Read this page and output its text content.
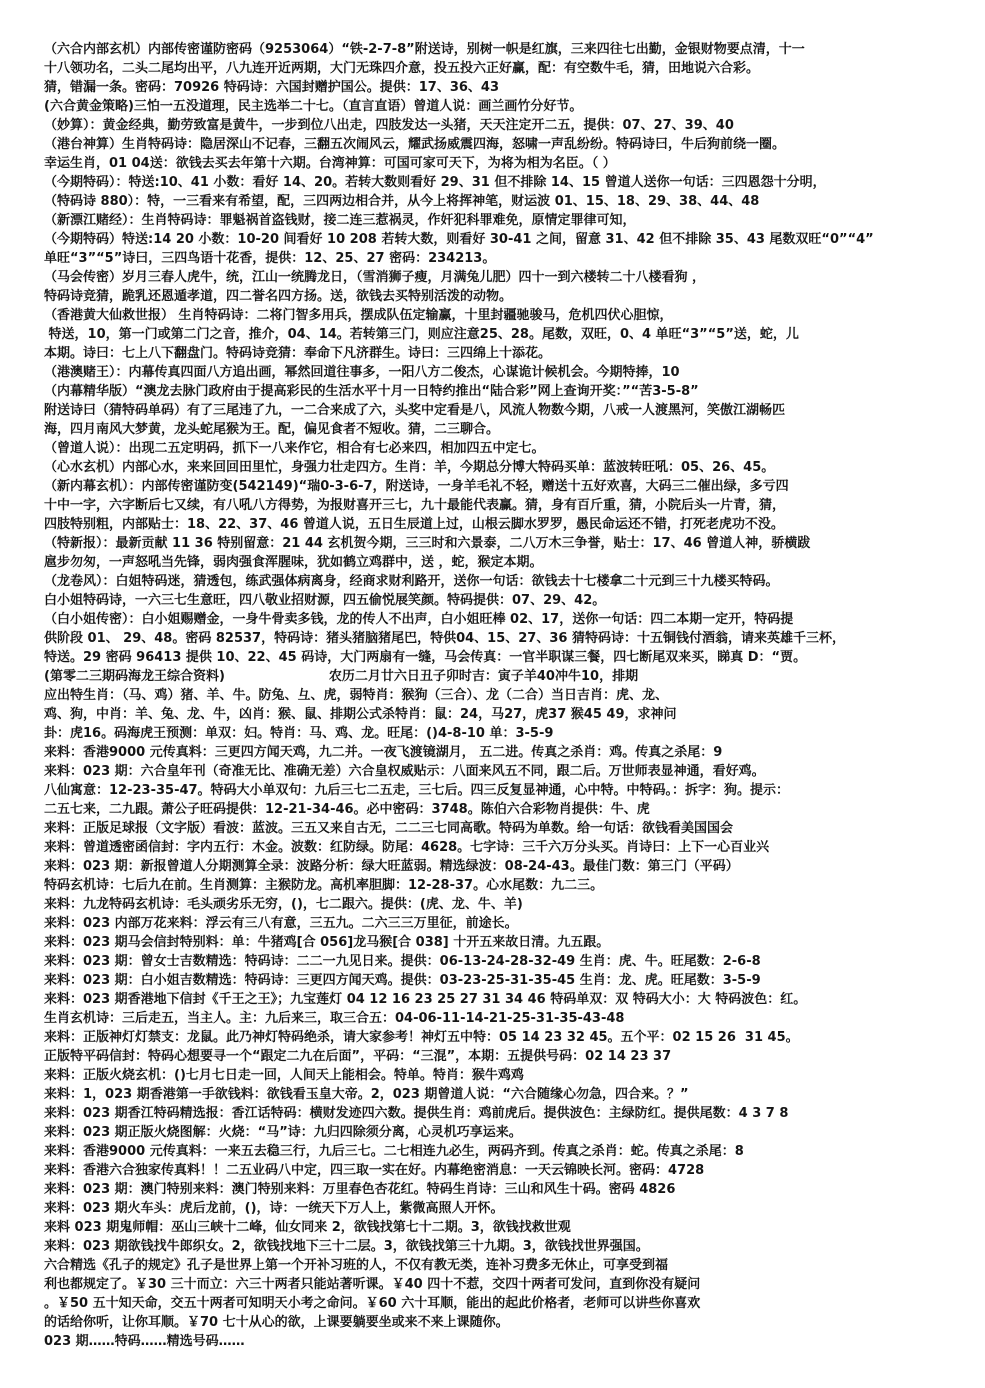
（六合内部玄机）内部传密谨防密码（9253064）“铁-2-7-8”附送诗，别树一帜是红旗，三来四往七出勤，金银财物要点清，十一
十八领功名，二头二尾均出平，八九连开近两期，大门无珠四介意，投五投六正好赢，配：有空数牛毛，猜，田地说六合彩。
猜，错漏一条。密码：70926 特码诗：六国封赠护国公。提供：17、36、43
(六合黄金策略)三怕一五没道理，民主选举二十七。（直言直语）曾道人说：画兰画竹分好节。
（妙算）：黄金经典，勤劳致富是黄牛，一步到位八出走，四肢发达一头猪，天天注定开二五，提供：07、27、39、40
（港台神算）生肖特码诗：隐居深山不记春，三翻五次闹风云，耀武扬威震四海，怒啸一声乱纷纷。特码诗曰，牛后狗前绕一圈。
幸运生肖，01 04送：欲钱去买去年第十六期。台湾神算：可国可家可天下，为将为相为名臣。（ ）
（今期特码）：特送:10、41 小数：看好 14、20。若转大数则看好 29、31 但不排除 14、15 曾道人送你一句话：三四恩怨十分明，
（特码诗 880）：特，一三看来有希望，配，三四两边相合并，从今上将挥神笔，财运波 01、15、18、29、38、44、48
（新漂江赌经）：生肖特码诗：罪魁祸首盗钱财，接二连三惹祸灵，作奸犯科罪难免，原情定罪律可知，
（今期特码）特送:14 20 小数：10-20 间看好 10 208 若转大数，则看好 30-41 之间，留意 31、42 但不排除 35、43 尾数双旺“0”“4”
单旺“3”“5”诗曰，三四鸟语十花香，提供：12、25、27 密码：234213。
（马会传密）岁月三春人虎牛，统，江山一统腾龙日，（雪消狮子瘦，月满兔儿肥）四十一到六楼转二十八楼看狗 ，
特码诗竞猜，跪乳还恩遁孝道，四二誉名四方扬。送，欲钱去买特别活泼的动物。
（香港黄大仙救世报） 生肖特码诗：二将门智多用兵，摆成队伍定输赢，十里封疆驰骏马，危机四伏心胆惊，
特送，10，第一门或第二门之音，推介，04、14。若转第三门，则应注意25、28。尾数，双旺，0、4 单旺“3”“5”送，蛇，儿
本期。诗曰：七上八下翻盘门。特码诗竞猜：奉命下凡济群生。诗曰：三四绵上十添花。
（港澳赌王）：内幕传真四面八方追出画，幂然回道往事多，一阳八方二俊杰，心谋诡计候机会。今期特捧，10
（内幕精华版）“澳龙去脉门政府由于提高彩民的生活水平十月一日特约推出“陆合彩”网上查询开奖：”“苦3-5-8”
附送诗曰（猜特码单码）有了三尾违了九，一二合来成了六，头奖中定看是八，风流人物数今期，八戒一人渡黑河，笑傲江湖畅匹
海，四月南风大梦黄，龙头蛇尾猴为王。配，偏见食者不短收。猜，二三聊合。
（曾道人说）：出现二五定明码，抓下一八来作它，相合有七必来四，相加四五中定七。
（心水玄机）内部心水，来来回回田里忙，身强力壮走四方。生肖：羊，今期总分博大特码买单：蓝波转旺吼：05、26、45。
（新内幕玄机）：内部传密谨防变(542149)“瑞0-3-6-7，附送诗，一身羊毛礼不轻，赠送十五好欢喜，大码三二催出绿，多亏四
十中一字，六字断后七又续，有八吼八方得势，为报财喜开三七，九十最能代表赢。猜，身有百斤重，猜，小院后头一片青，猜，
四肢特别粗，内部贴士：18、22、37、46 曾道人说，五日生辰道上过，山根云脚水罗罗，愚民命运还不错，打死老虎功不没。
（特新报）：最新贡献 11 36 特别留意：21 44 玄机贺今期，三三时和六景泰，二八万木三争誉，贴士：17、46 曾道人神，骄横跋
扈步勿匆，一声怒吼当先锋，弱肉强食浑腥味，犹如鹤立鸡群中，送 ，蛇，猴定本期。
（龙卷风）：白姐特码迷，猜透包，练武强体病离身，经商求财利路开，送你一句话：欲钱去十七楼拿二十元到三十九楼买特码。
白小姐特码诗，一六三七生意旺，四八敬业招财源，四五偷悦展笑颜。特码提供：07、29、42。
（白小姐传密）：白小姐赐赠金，一身牛骨卖多钱，龙的传人不出声，白小姐旺棒 02、17，送你一句话：四二本期一定开，特码提
供阶段 01、 29、48。密码 82537，特码诗：猪头猪脑猪尾巴，特供04、15、27、36 猜特码诗：十五铜钱付酒翁，请来英雄千三杯，
特送。29 密码 96413 提供 10、22、45 码诗，大门两扇有一缝，马会传真：一官半职谋三餐，四七断尾双来买，睇真 D：“贾。
(第零二三期码海龙王综合资料)　　　　　　　　农历二月廿六日丑子卯时吉：寅子羊40冲牛10，排期
应出特生肖：（马、鸡）猪、羊、牛。防兔、彑、虎，弱特肖：猴狗（三合）、龙（二合）当日吉肖：虎、龙、
鸡、狗，中肖：羊、兔、龙、牛，凶肖：猴、鼠、排期公式杀特肖：鼠：24，马27，虎37 猴45 49，求神问
卦：虎16。码海虎王预测：单双：妇。特肖：马、鸡、龙。旺尾：()4-8-10 单：3-5-9
来料：香港9000 元传真料：三更四方闻天鸡，九二并。一夜飞渡镜湖月， 五二进。传真之杀肖：鸡。传真之杀尾：9
来料：023 期：六合皇年刊（奇准无比、准确无差）六合皇权威贴示：八面来风五不同，跟二后。万世师表显神通，看好鸡。
八仙寓意：12-23-35-47。特码大小单双句：九后三七二五走，三七后。四三反复显神通，心中特。中特码。：拆字：狗。提示：
二五七来，二九跟。萧公子旺码提供：12-21-34-46。必中密码：3748。陈伯六合彩物肖提供：牛、虎
来料：正版足球报（文字版）看波：蓝波。三五又来自古无，二二三七同高歌。特码为单数。给一句话：欲钱看美国国会
来料：曾道透密函信封：字内五行：木金。波数：红防绿。防尾：4628。七字诗：三千六万分头买。肖诗曰：上下一心百业兴
来料：023 期：新报曾道人分期测算全录：波路分析：绿大旺蓝弱。精选绿波：08-24-43。最佳门数：第三门（平码）
特码玄机诗：七后九在前。生肖测算：主猴防龙。高机率胆脚：12-28-37。心水尾数：九二三。
来料：九龙特码玄机诗：毛头顽劣乐无穷，()，七二跟六。提供：(虎、龙、牛、羊)
来料：023 内部万花来料：浮云有三八有意，三五九。二六三三万里征，前途长。
来料：023 期马会信封特别料：单：牛猪鸡[合 056]龙马猴[合 038] 十开五来故日清。九五跟。
来料：023 期：曾女士吉数精选：特码诗：二二一九见日来。提供：06-13-24-28-32-49 生肖：虎、牛。旺尾数：2-6-8
来料：023 期：白小姐吉数精选：特码诗：三更四方闻天鸡。提供：03-23-25-31-35-45 生肖：龙、虎。旺尾数：3-5-9
来料：023 期香港地下信封《千王之王》；九宝莲灯 04 12 16 23 25 27 31 34 46 特码单双：双 特码大小：大 特码波色：红。
生肖玄机诗：三后走五，当主人。主：九后来三，取三合五：04-06-11-14-21-25-31-35-43-48
来料：正版神灯灯禁支：龙鼠。此乃神灯特码绝杀，请大家参考！神灯五中特：05 14 23 32 45。五个平：02 15 26  31 45。
正版特平码信封：特码心想要寻一个“跟定二九在后面”，平码：“三混”，本期：五提供号码：02 14 23 37
来料：正版火烧玄机：()七月七日走一回，人间天上能相会。特单。特肖：猴牛鸡鸡
来料：1，023 期香港第一手欲钱料：欲钱看玉皇大帝。2，023 期曾道人说：“六合随缘心勿急，四合来。？”
来料：023 期香江特码精选报：香江话特码：横财发迹四六数。提供生肖：鸡前虎后。提供波色：主绿防红。提供尾数：4 3 7 8
来料：023 期正版火烧图解：火烧：“马”诗：九归四除须分离，心灵机巧享运来。
来料：香港9000 元传真料：一来五去稳三行，九后三七。二七相连九必生，两码齐到。传真之杀肖：蛇。传真之杀尾：8
来料：香港六合独家传真料！！二五业码八中定，四三取一实在好。内幕绝密消息：一天云锦映长河。密码：4728
来料：023 期：澳门特别来料：澳门特别来料：万里春色杏花红。特码生肖诗：三山和风生十码。密码 4826
来料：023 期火车头：虎后龙前，()，诗：一统天下万人上，紫微高照人开怀。
来料 023 期鬼师帽：巫山三峡十二峰，仙女同来 2，欲钱找第七十二期。3，欲钱找救世观
来料：023 期欲钱找牛郎织女。2，欲钱找地下三十二层。3，欲钱找第三十九期。3，欲钱找世界强国。
六合精选《孔子的规定》孔子是世界上第一个开补习班的人，不仅有教无类，连补习费多无休止，可享受到福
利也都规定了。￥30 三十而立：六三十两者只能站著听课。￥40 四十不惹，交四十两者可发问，直到你没有疑问
。￥50 五十知天命，交五十两者可知明天小考之命问。￥60 六十耳顺，能出的起此价格者，老师可以讲些你喜欢
的话给你听，让你耳顺。￥70 七十从心的欲，上课要躺要坐或来不来上课随你。
023 期……特码……精选号码……
